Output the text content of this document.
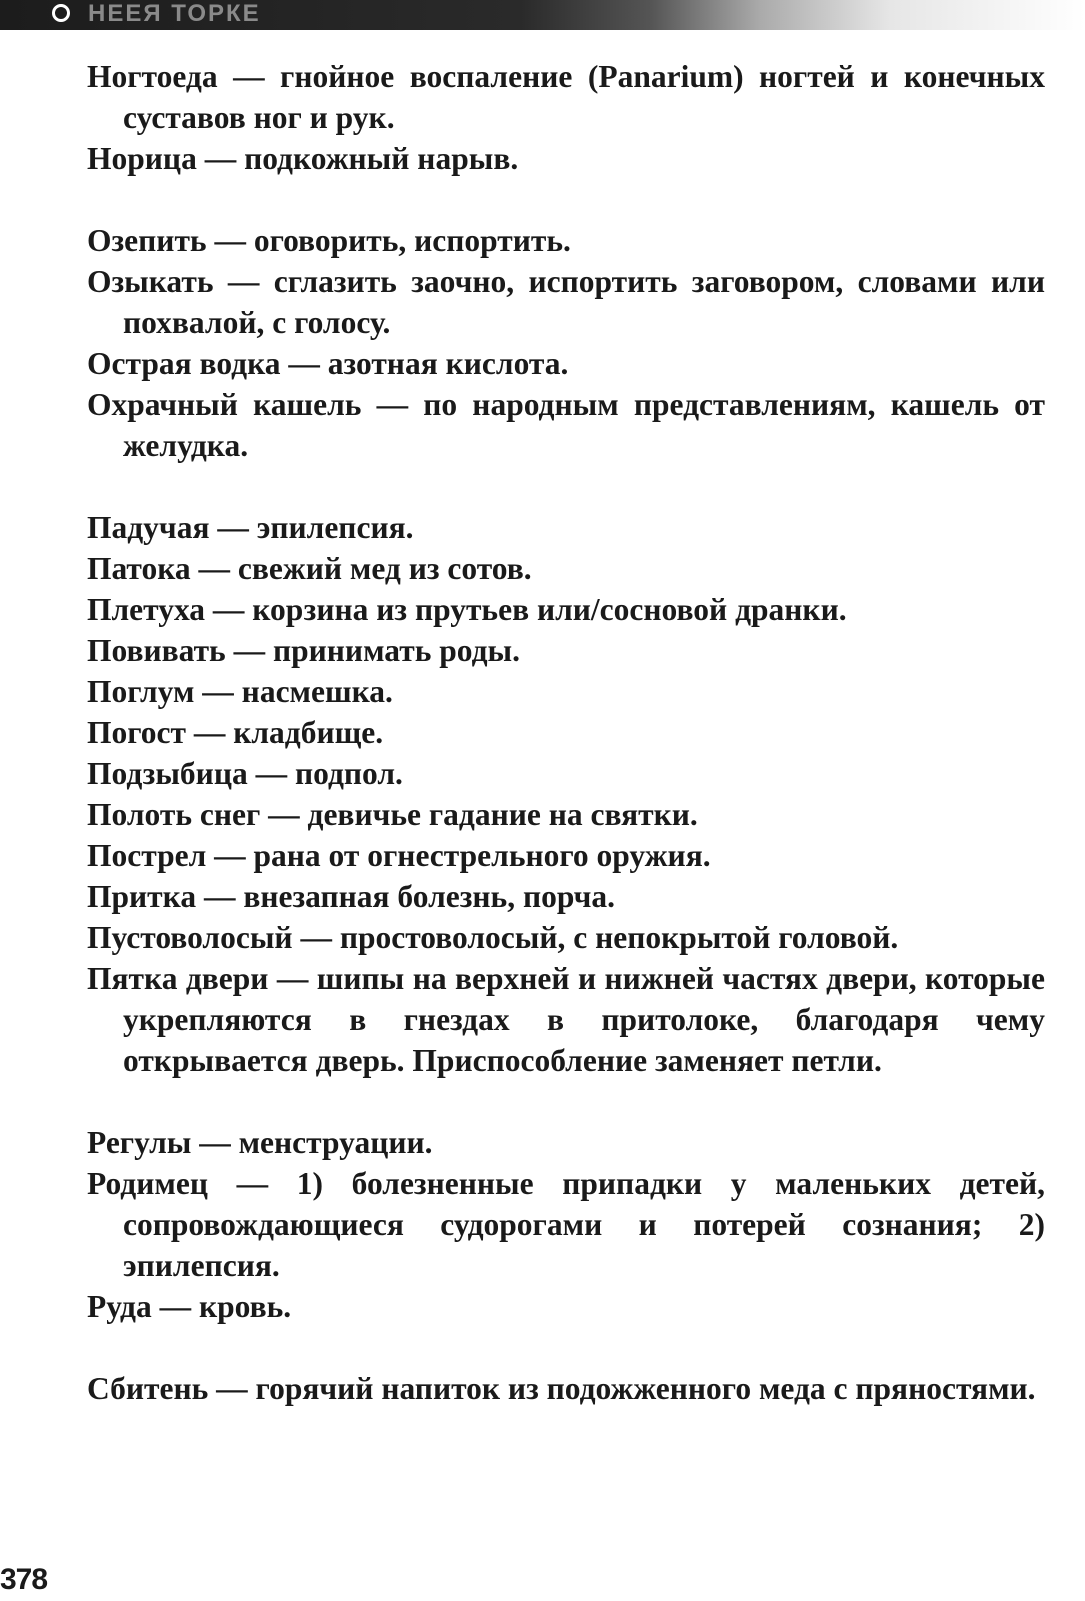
НЕЕЯ ТОРКЕ

Ногтоеда — гнойное воспаление (Panarium) ногтей и конечных суставов ног и рук.

Норица — подкожный нарыв.

Озепить — оговорить, испортить.

Озыкать — сглазить заочно, испортить заговором, словами или похвалой, с голосу.

Острая водка — азотная кислота.

Охрачный кашель — по народным представлениям, кашель от желудка.

Падучая — эпилепсия.

Патока — свежий мед из сотов.

Плетуха — корзина из прутьев или/сосновой дранки.

Повивать — принимать роды.

Поглум — насмешка.

Погост — кладбище.

Подзыбица — подпол.

Полоть снег — девичье гадание на святки.

Пострел — рана от огнестрельного оружия.

Притка — внезапная болезнь, порча.

Пустоволосый — простоволосый, с непокрытой головой.

Пятка двери — шипы на верхней и нижней частях двери, которые укрепляются в гнездах в притолоке, благодаря чему открывается дверь. Приспособление заменяет петли.

Регулы — менструации.

Родимец — 1) болезненные припадки у маленьких детей, сопровождающиеся судорогами и потерей сознания; 2) эпилепсия.

Руда — кровь.

Сбитень — горячий напиток из подожженного меда с пряностями.

378
